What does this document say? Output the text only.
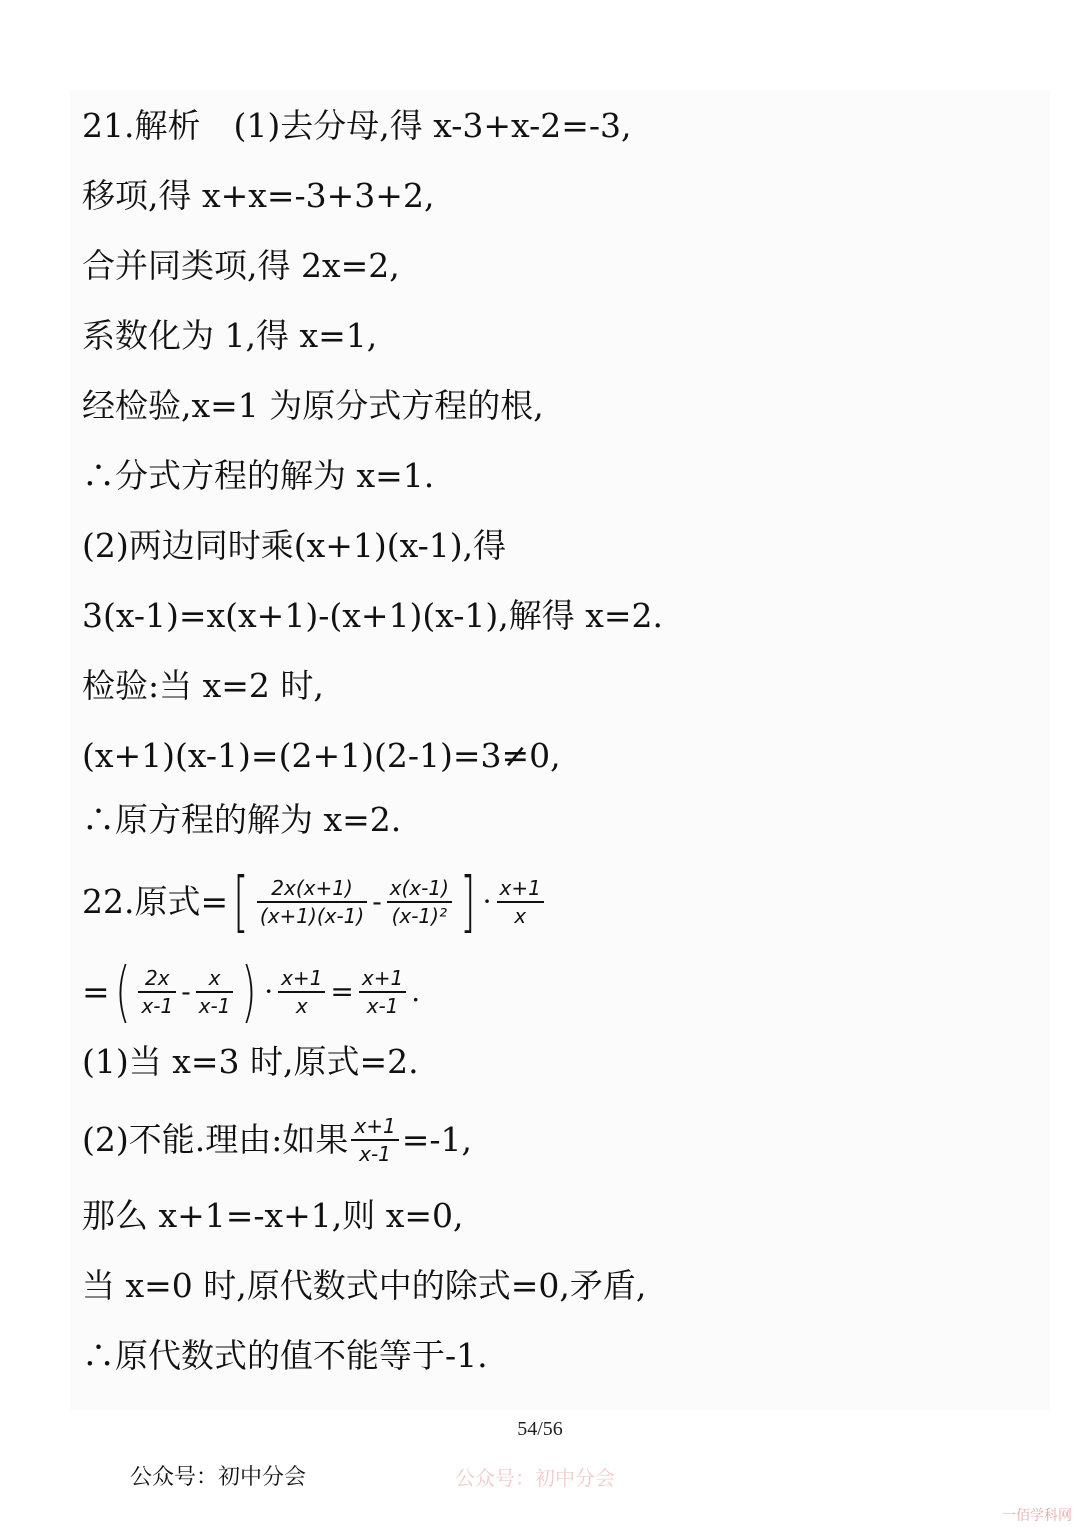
21.解析　(1)去分母,得 x-3+x-2=-3,
移项,得 x+x=-3+3+2,
合并同类项,得 2x=2,
系数化为 1,得 x=1,
经检验,x=1 为原分式方程的根,
∴分式方程的解为 x=1.
(2)两边同时乘(x+1)(x-1),得
3(x-1)=x(x+1)-(x+1)(x-1),解得 x=2.
检验:当 x=2 时,
(x+1)(x-1)=(2+1)(2-1)=3≠0,
∴原方程的解为 x=2.
22.原式=[ $\frac{2x(x+1)}{(x+1)(x-1)} - \frac{x(x-1)}{\text{(x-1)²}}$ ] · $\frac{x+1}{x}$
=( $\frac{2x}{x-1} - \frac{x}{x-1}$ ) · $\frac{x+1}{x} = \frac{x+1}{x-1}$ .
(1)当 x=3 时,原式=2.
(2)不能.理由:如果 $\frac{x+1}{x-1} =-1$,
那么 x+1=-x+1,则 x=0,
当 x=0 时,原代数式中的除式=0,矛盾,
∴原代数式的值不能等于-1.
54/56
公众号：初中分会	公众号：初中分会
一佰学科网
